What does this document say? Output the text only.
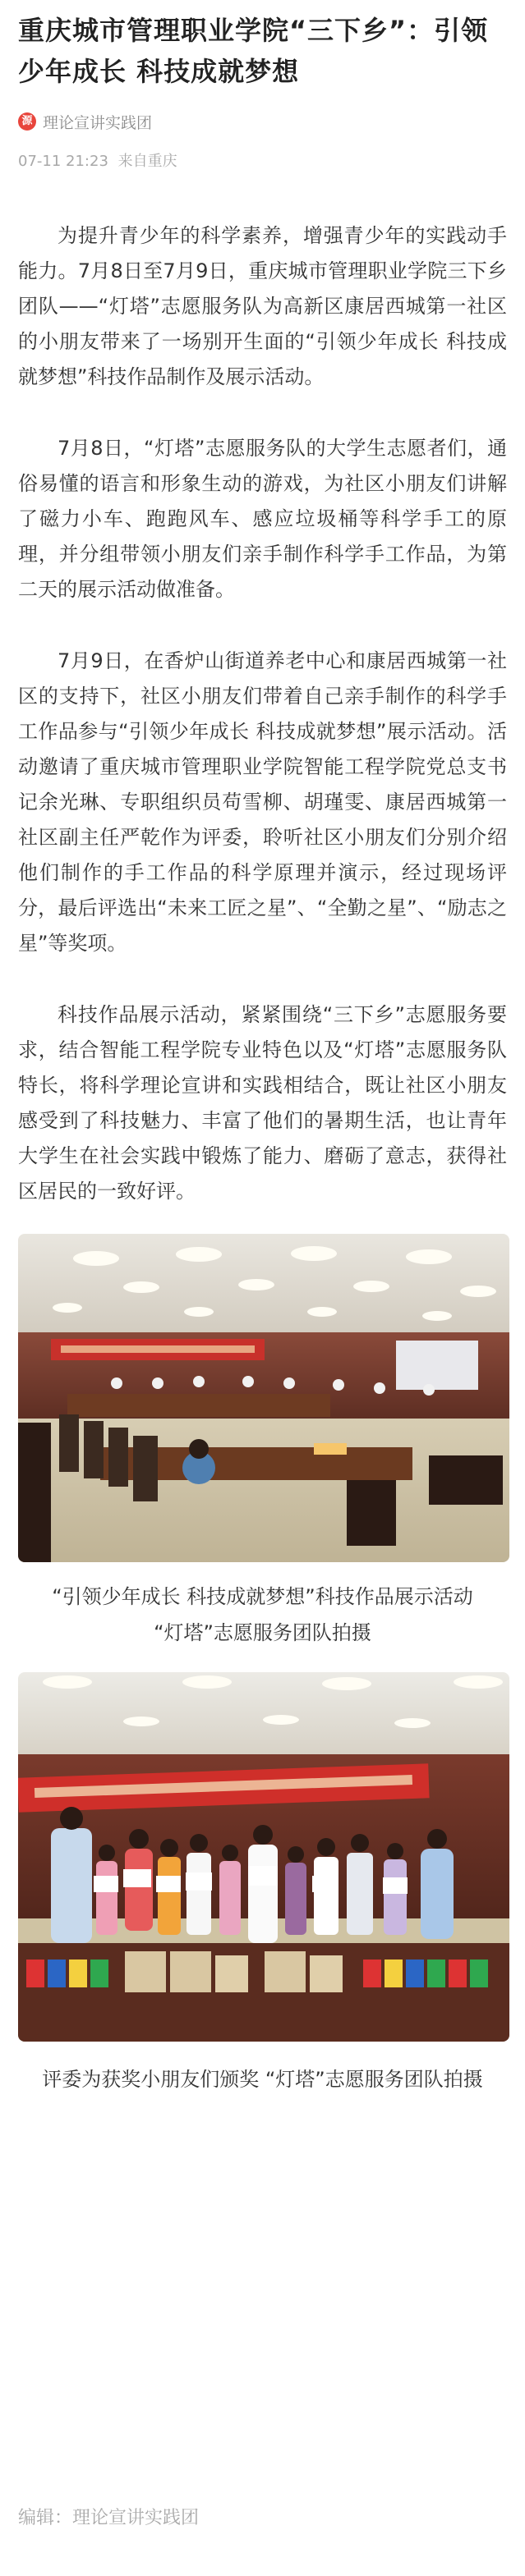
重庆城市管理职业学院“三下乡”：引领少年成长 科技成就梦想
源 理论宣讲实践团
07-11 21:23 来自重庆

为提升青少年的科学素养，增强青少年的实践动手能力。7月8日至7月9日，重庆城市管理职业学院三下乡团队——“灯塔”志愿服务队为高新区康居西城第一社区的小朋友带来了一场别开生面的“引领少年成长 科技成就梦想”科技作品制作及展示活动。

7月8日，“灯塔”志愿服务队的大学生志愿者们，通俗易懂的语言和形象生动的游戏，为社区小朋友们讲解了磁力小车、跑跑风车、感应垃圾桶等科学手工的原理，并分组带领小朋友们亲手制作科学手工作品，为第二天的展示活动做准备。

7月9日，在香炉山街道养老中心和康居西城第一社区的支持下，社区小朋友们带着自己亲手制作的科学手工作品参与“引领少年成长 科技成就梦想”展示活动。活动邀请了重庆城市管理职业学院智能工程学院党总支书记余光琳、专职组织员苟雪柳、胡瑾雯、康居西城第一社区副主任严乾作为评委，聆听社区小朋友们分别介绍他们制作的手工作品的科学原理并演示，经过现场评分，最后评选出“未来工匠之星”、“全勤之星”、“励志之星”等奖项。

科技作品展示活动，紧紧围绕“三下乡”志愿服务要求，结合智能工程学院专业特色以及“灯塔”志愿服务队特长，将科学理论宣讲和实践相结合，既让社区小朋友感受到了科技魅力、丰富了他们的暑期生活，也让青年大学生在社会实践中锻炼了能力、磨砺了意志，获得社区居民的一致好评。

“引领少年成长 科技成就梦想”科技作品展示活动 “灯塔”志愿服务团队拍摄
评委为获奖小朋友们颁奖 “灯塔”志愿服务团队拍摄
编辑：理论宣讲实践团
